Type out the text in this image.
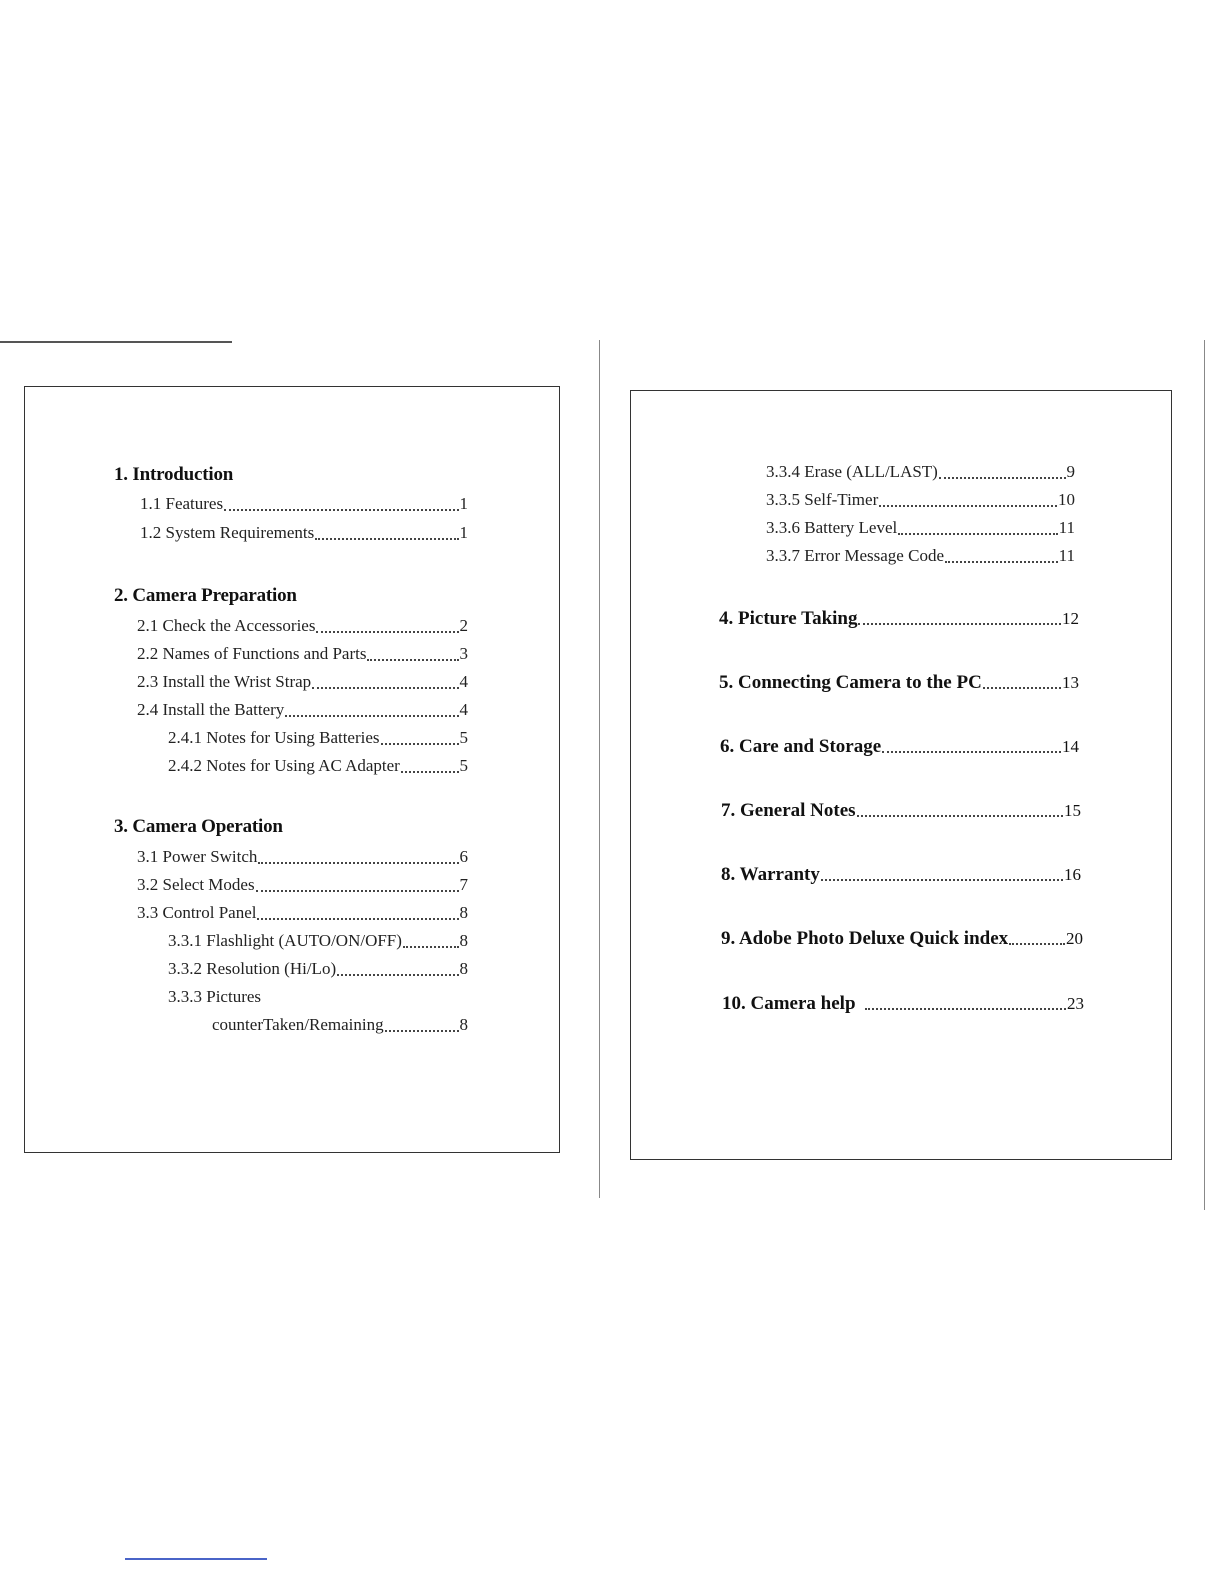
1. Introduction
1.1 Features	1
1.2 System Requirements	1
2. Camera Preparation
2.1 Check the Accessories	2
2.2 Names of Functions and Parts	3
2.3 Install the Wrist Strap	4
2.4 Install the Battery	4
2.4.1 Notes for Using Batteries	5
2.4.2 Notes for Using AC Adapter	5
3. Camera Operation
3.1 Power Switch	6
3.2 Select Modes	7
3.3 Control Panel	8
3.3.1 Flashlight (AUTO/ON/OFF)	8
3.3.2 Resolution (Hi/Lo)	8
3.3.3 Pictures
counterTaken/Remaining	8
3.3.4 Erase (ALL/LAST)	9
3.3.5 Self-Timer	10
3.3.6 Battery Level	11
3.3.7 Error Message Code	11
4. Picture Taking	12
5. Connecting Camera to the PC	13
6. Care and Storage	14
7. General Notes	15
8. Warranty	16
9. Adobe Photo Deluxe Quick index	20
10. Camera help	23
